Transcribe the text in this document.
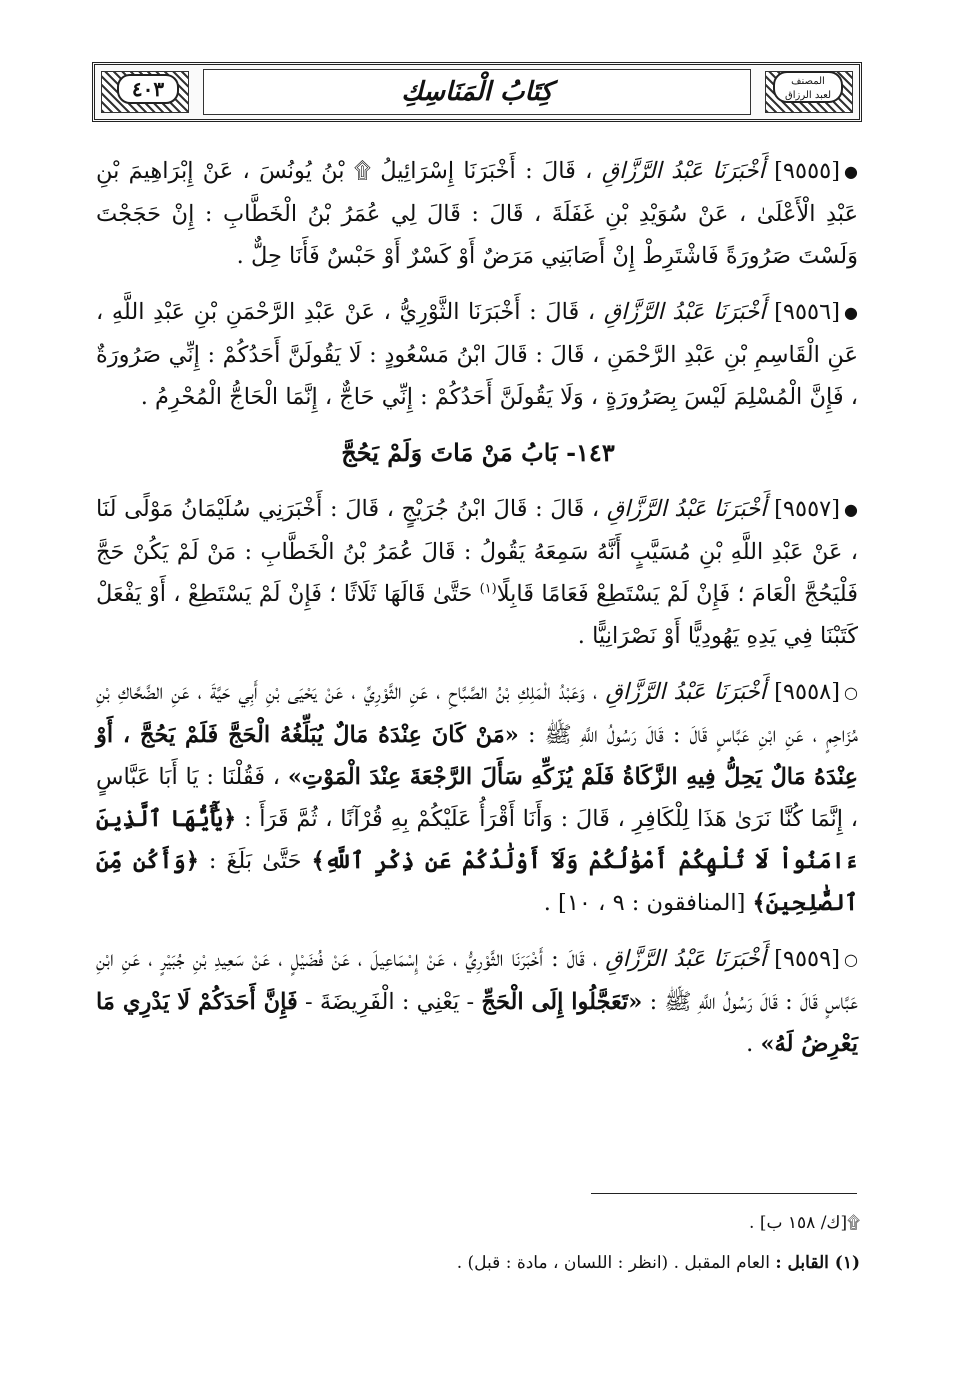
٤٠٣	المصنف
لعبد الرزاق
كِتَابُ الْمَنَاسِكِ

●[٩٥٥٥] أَخْبَرَنَا عَبْدُ الرَّزَّاقِ ، قَالَ : أَخْبَرَنَا إِسْرَائِيلُ ۩ بْنُ يُونُسَ ، عَنْ إِبْرَاهِيمَ بْنِ عَبْدِ الْأَعْلَىٰ ، عَنْ سُوَيْدِ بْنِ غَفَلَةَ ، قَالَ : قَالَ لِي عُمَرُ بْنُ الْخَطَّابِ : إِنْ حَجَجْتَ وَلَسْتَ صَرُورَةً فَاشْتَرِطْ إِنْ أَصَابَنِي مَرَضٌ أَوْ كَسْرٌ أَوْ حَبْسٌ فَأَنَا حِلٌّ .

●[٩٥٥٦] أَخْبَرَنَا عَبْدُ الرَّزَّاقِ ، قَالَ : أَخْبَرَنَا الثَّوْرِيُّ ، عَنْ عَبْدِ الرَّحْمَنِ بْنِ عَبْدِ اللَّهِ ، عَنِ الْقَاسِمِ بْنِ عَبْدِ الرَّحْمَنِ ، قَالَ : قَالَ ابْنُ مَسْعُودٍ : لَا يَقُولَنَّ أَحَدُكُمْ : إِنِّي صَرُورَةٌ ، فَإِنَّ الْمُسْلِمَ لَيْسَ بِصَرُورَةٍ ، وَلَا يَقُولَنَّ أَحَدُكُمْ : إِنِّي حَاجٌّ ، إِنَّمَا الْحَاجُّ الْمُحْرِمُ .

١٤٣- بَابُ مَنْ مَاتَ وَلَمْ يَحُجَّ

●[٩٥٥٧] أَخْبَرَنَا عَبْدُ الرَّزَّاقِ ، قَالَ : قَالَ ابْنُ جُرَيْجٍ ، قَالَ : أَخْبَرَنِي سُلَيْمَانُ مَوْلًى لَنَا ، عَنْ عَبْدِ اللَّهِ بْنِ مُسَيَّبٍ أَنَّهُ سَمِعَهُ يَقُولُ : قَالَ عُمَرُ بْنُ الْخَطَّابِ : مَنْ لَمْ يَكُنْ حَجَّ فَلْيَحُجَّ الْعَامَ ؛ فَإِنْ لَمْ يَسْتَطِعْ فَعَامًا قَابِلًا$^{(١)}$ حَتَّىٰ قَالَهَا ثَلَاثًا ؛ فَإِنْ لَمْ يَسْتَطِعْ ، أَوْ يَفْعَلْ كَتَبْنَا فِي يَدِهِ يَهُودِيًّا أَوْ نَصْرَانِيًّا .

○[٩٥٥٨] أَخْبَرَنَا عَبْدُ الرَّزَّاقِ ، وَعَبْدُ الْمَلِكِ بْنُ الصَّبَّاحِ ، عَنِ الثَّوْرِيِّ ، عَنْ يَحْيَى بْنِ أَبِي حَيَّةَ ، عَنِ الضَّحَّاكِ بْنِ مُزَاحِمٍ ، عَنِ ابْنِ عَبَّاسٍ قَالَ : قَالَ رَسُولُ اللَّهِ ﷺ : «مَنْ كَانَ عِنْدَهُ مَالٌ يُبَلِّغُهُ الْحَجَّ فَلَمْ يَحُجَّ ، أَوْ عِنْدَهُ مَالٌ يَحِلُّ فِيهِ الزَّكَاةُ فَلَمْ يُزَكِّهِ سَأَلَ الرَّجْعَةَ عِنْدَ الْمَوْتِ» ، فَقُلْنَا : يَا أَبَا عَبَّاسٍ ، إِنَّمَا كُنَّا نَرَىٰ هَذَا لِلْكَافِرِ ، قَالَ : وَأَنَا أَقْرَأُ عَلَيْكُمْ بِهِ قُرْآنًا ، ثُمَّ قَرَأَ : ﴿يَٰٓأَيُّهَا ٱلَّذِينَ ءَامَنُواْ لَا تُلْهِكُمْ أَمْوَٰلُكُمْ وَلَآ أَوْلَٰدُكُمْ عَن ذِكْرِ ٱللَّهِ﴾ حَتَّىٰ بَلَغَ : ﴿وَأَكُن مِّنَ ٱلصَّٰلِحِينَ﴾ [المنافقون : ٩ ، ١٠] .

○[٩٥٥٩] أَخْبَرَنَا عَبْدُ الرَّزَّاقِ ، قَالَ : أَخْبَرَنَا الثَّوْرِيُّ ، عَنْ إِسْمَاعِيلَ ، عَنْ فُضَيْلٍ ، عَنْ سَعِيدِ بْنِ جُبَيْرٍ ، عَنِ ابْنِ عَبَّاسٍ قَالَ : قَالَ رَسُولُ اللَّهِ ﷺ : «تَعَجَّلُوا إِلَى الْحَجِّ - يَعْنِي : الْفَرِيضَةَ - فَإِنَّ أَحَدَكُمْ لَا يَدْرِي مَا يَعْرِضُ لَهُ» .

۩[ك/ ١٥٨ ب] .
(١) القابل : العام المقبل . (انظر : اللسان ، مادة : قبل) .
